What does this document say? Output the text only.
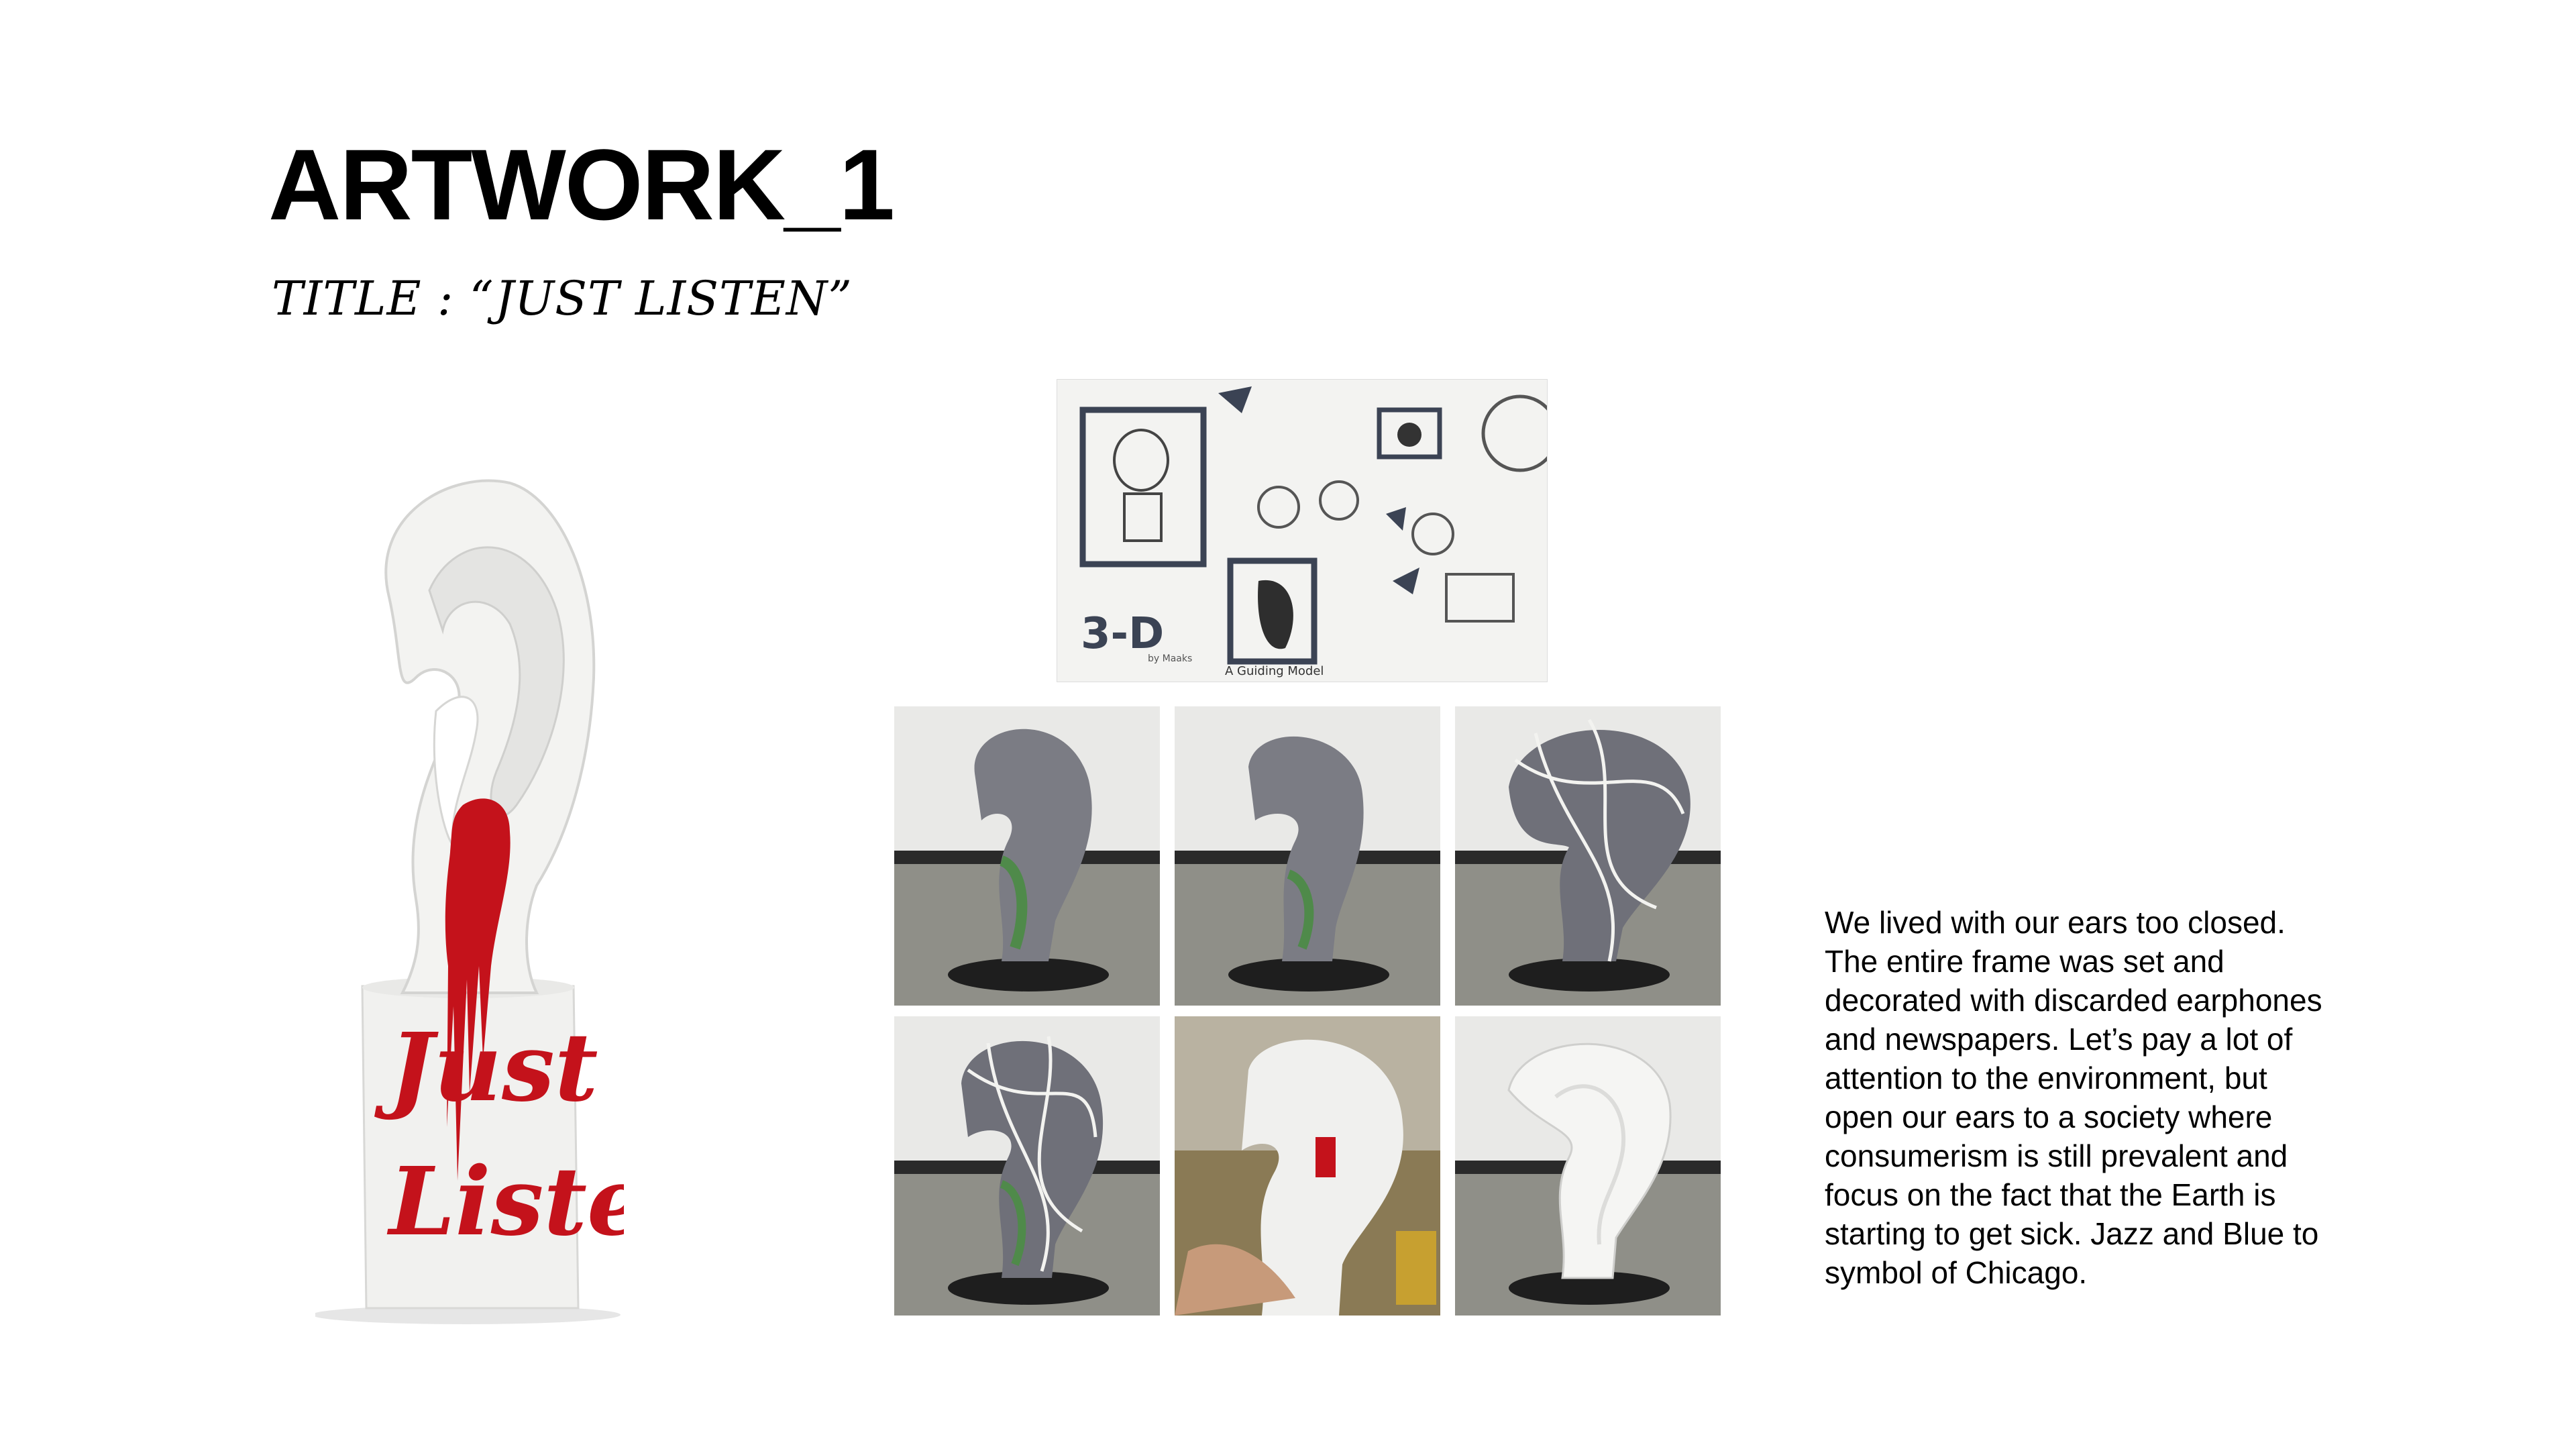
ARTWORK_1
TITLE : “JUST LISTEN”
Just
Liste
3-D
by Maaks
A Guiding Model
We lived with our ears too closed.
The entire frame was set and
decorated with discarded earphones
and newspapers. Let’s pay a lot of
attention to the environment, but
open our ears to a society where
consumerism is still prevalent and
focus on the fact that the Earth is
starting to get sick. Jazz and Blue to
symbol of Chicago.
